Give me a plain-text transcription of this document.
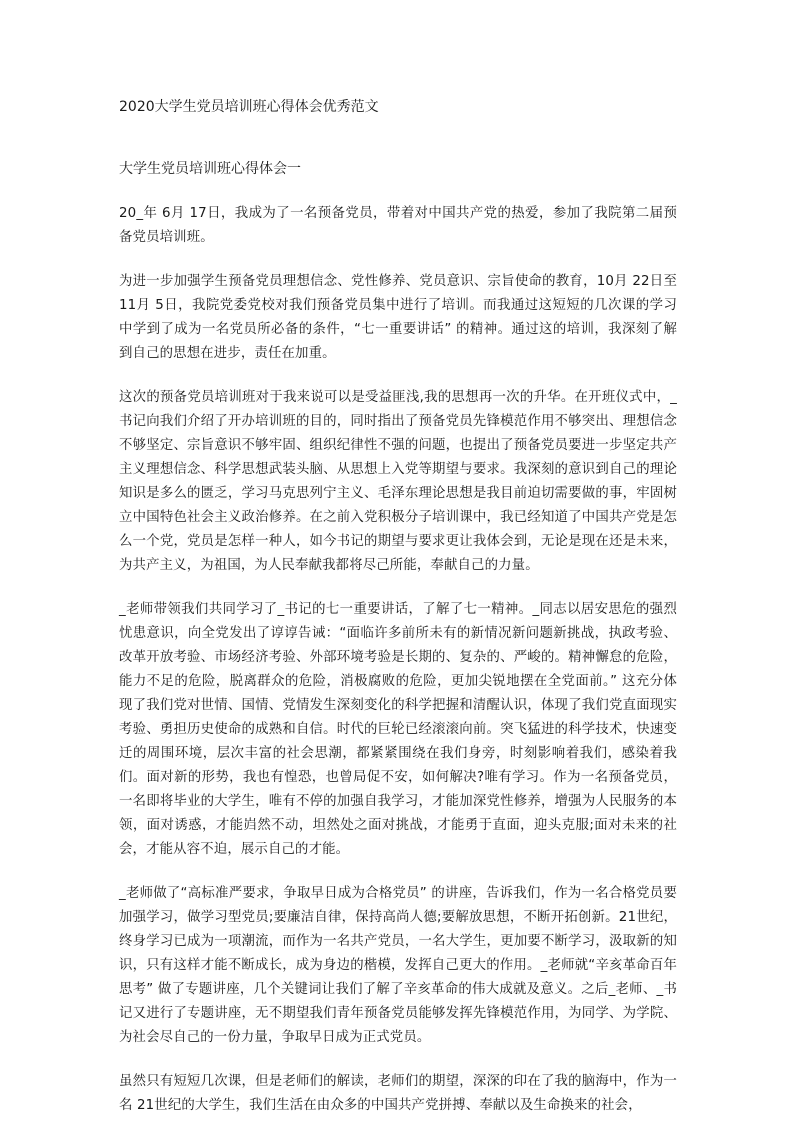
2020大学生党员培训班心得体会优秀范文
大学生党员培训班心得体会一

20_年 6月 17日，我成为了一名预备党员，带着对中国共产党的热爱，参加了我院第二届预备党员培训班。

为进一步加强学生预备党员理想信念、党性修养、党员意识、宗旨使命的教育，10月 22日至 11月 5日，我院党委党校对我们预备党员集中进行了培训。而我通过这短短的几次课的学习中学到了成为一名党员所必备的条件，“七一重要讲话” 的精神。通过这的培训，我深刻了解到自己的思想在进步，责任在加重。

这次的预备党员培训班对于我来说可以是受益匪浅,我的思想再一次的升华。在开班仪式中，_书记向我们介绍了开办培训班的目的，同时指出了预备党员先锋模范作用不够突出、理想信念不够坚定、宗旨意识不够牢固、组织纪律性不强的问题，也提出了预备党员要进一步坚定共产主义理想信念、科学思想武装头脑、从思想上入党等期望与要求。我深刻的意识到自己的理论知识是多么的匮乏，学习马克思列宁主义、毛泽东理论思想是我目前迫切需要做的事，牢固树立中国特色社会主义政治修养。在之前入党积极分子培训课中，我已经知道了中国共产党是怎么一个党，党员是怎样一种人，如今书记的期望与要求更让我体会到，无论是现在还是未来，为共产主义，为祖国，为人民奉献我都将尽己所能，奉献自己的力量。

_老师带领我们共同学习了_书记的七一重要讲话，了解了七一精神。_同志以居安思危的强烈忧患意识，向全党发出了谆谆告诫：“面临许多前所未有的新情况新问题新挑战，执政考验、改革开放考验、市场经济考验、外部环境考验是长期的、复杂的、严峻的。精神懈怠的危险，能力不足的危险，脱离群众的危险，消极腐败的危险，更加尖锐地摆在全党面前。” 这充分体现了我们党对世情、国情、党情发生深刻变化的科学把握和清醒认识，体现了我们党直面现实考验、勇担历史使命的成熟和自信。时代的巨轮已经滚滚向前。突飞猛进的科学技术，快速变迁的周围环境，层次丰富的社会思潮，都紧紧围绕在我们身旁，时刻影响着我们，感染着我们。面对新的形势，我也有惶恐，也曾局促不安，如何解决?唯有学习。作为一名预备党员，一名即将毕业的大学生，唯有不停的加强自我学习，才能加深党性修养，增强为人民服务的本领，面对诱惑，才能岿然不动，坦然处之面对挑战，才能勇于直面，迎头克服;面对未来的社会，才能从容不迫，展示自己的才能。

_老师做了“高标准严要求，争取早日成为合格党员” 的讲座，告诉我们，作为一名合格党员要加强学习，做学习型党员;要廉洁自律，保持高尚人德;要解放思想，不断开拓创新。21世纪，终身学习已成为一项潮流，而作为一名共产党员，一名大学生，更加要不断学习，汲取新的知识，只有这样才能不断成长，成为身边的楷模，发挥自己更大的作用。_老师就“辛亥革命百年思考” 做了专题讲座，几个关键词让我们了解了辛亥革命的伟大成就及意义。之后_老师、_书记又进行了专题讲座，无不期望我们青年预备党员能够发挥先锋模范作用，为同学、为学院、为社会尽自己的一份力量，争取早日成为正式党员。

虽然只有短短几次课，但是老师们的解读，老师们的期望，深深的印在了我的脑海中，作为一名 21世纪的大学生，我们生活在由众多的中国共产党拼搏、奉献以及生命换来的社会，
